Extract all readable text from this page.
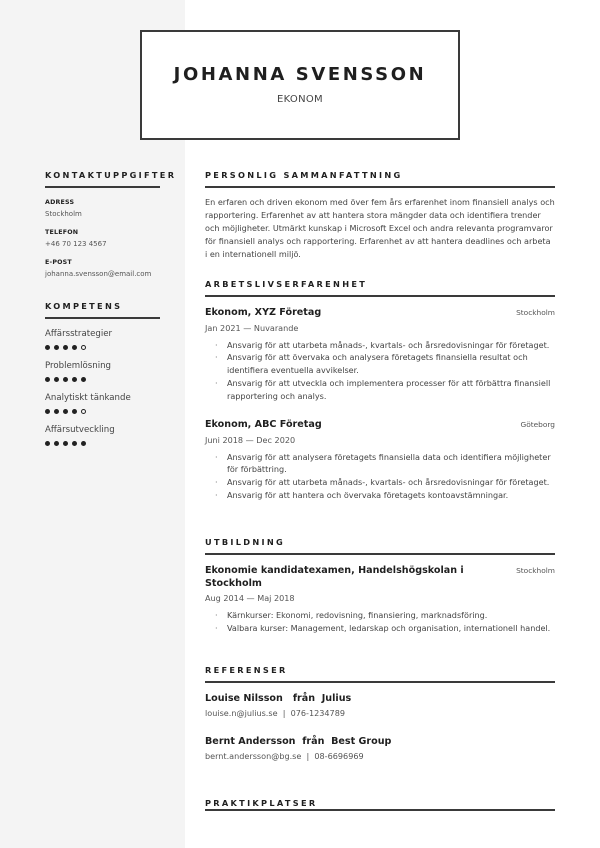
JOHANNA SVENSSON
EKONOM
KONTAKTUPPGIFTER
ADRESS
Stockholm
TELEFON
+46 70 123 4567
E-POST
johanna.svensson@email.com
KOMPETENS
Affärsstrategier
Problemlösning
Analytiskt tänkande
Affärsutveckling
PERSONLIG SAMMANFATTNING
En erfaren och driven ekonom med över fem års erfarenhet inom finansiell analys och rapportering. Erfarenhet av att hantera stora mängder data och identifiera trender och möjligheter. Utmärkt kunskap i Microsoft Excel och andra relevanta programvaror för finansiell analys och rapportering. Erfarenhet av att hantera deadlines och arbeta i en internationell miljö.
ARBETSLIVSERFARENHET
Ekonom, XYZ Företag	Stockholm
Jan 2021 — Nuvarande
· Ansvarig för att utarbeta månads-, kvartals- och årsredovisningar för företaget.
· Ansvarig för att övervaka och analysera företagets finansiella resultat och identifiera eventuella avvikelser.
· Ansvarig för att utveckla och implementera processer för att förbättra finansiell rapportering och analys.
Ekonom, ABC Företag	Göteborg
Juni 2018 — Dec 2020
· Ansvarig för att analysera företagets finansiella data och identifiera möjligheter för förbättring.
· Ansvarig för att utarbeta månads-, kvartals- och årsredovisningar för företaget.
· Ansvarig för att hantera och övervaka företagets kontoavstämningar.
UTBILDNING
Ekonomie kandidatexamen, Handelshögskolan i Stockholm
Stockholm
Aug 2014 — Maj 2018
· Kärnkurser: Ekonomi, redovisning, finansiering, marknadsföring.
· Valbara kurser: Management, ledarskap och organisation, internationell handel.
REFERENSER
Louise Nilsson   från  Julius
louise.n@julius.se  |  076-1234789
Bernt Andersson  från  Best Group
bernt.andersson@bg.se  |  08-6696969
PRAKTIKPLATSER
